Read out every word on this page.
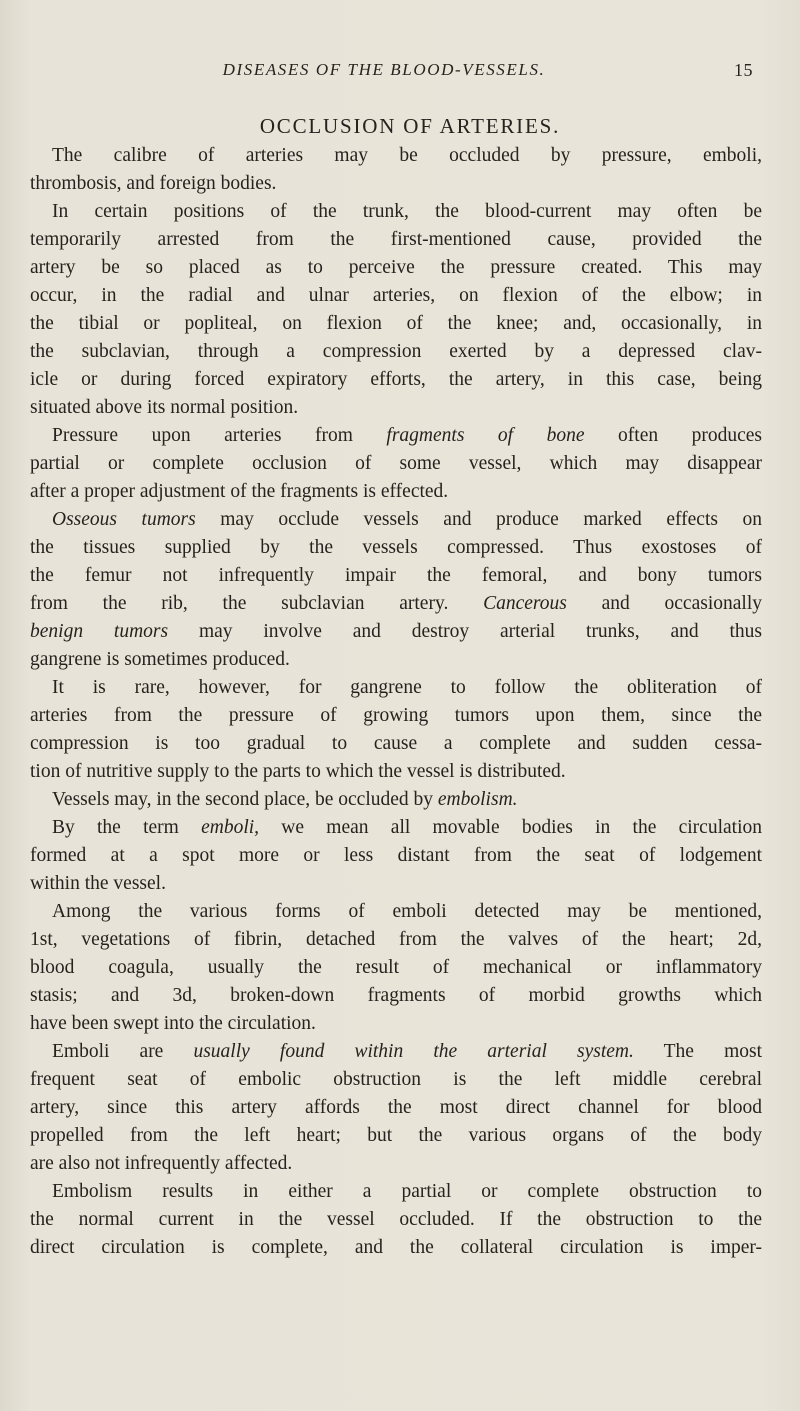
DISEASES OF THE BLOOD-VESSELS.	15
OCCLUSION OF ARTERIES.
The calibre of arteries may be occluded by pressure, emboli,
thrombosis, and foreign bodies.
In certain positions of the trunk, the blood-current may often be
temporarily arrested from the first-mentioned cause, provided the
artery be so placed as to perceive the pressure created. This may
occur, in the radial and ulnar arteries, on flexion of the elbow; in
the tibial or popliteal, on flexion of the knee; and, occasionally, in
the subclavian, through a compression exerted by a depressed clav-
icle or during forced expiratory efforts, the artery, in this case, being
situated above its normal position.
Pressure upon arteries from fragments of bone often produces
partial or complete occlusion of some vessel, which may disappear
after a proper adjustment of the fragments is effected.
Osseous tumors may occlude vessels and produce marked effects on
the tissues supplied by the vessels compressed. Thus exostoses of
the femur not infrequently impair the femoral, and bony tumors
from the rib, the subclavian artery. Cancerous and occasionally
benign tumors may involve and destroy arterial trunks, and thus
gangrene is sometimes produced.
It is rare, however, for gangrene to follow the obliteration of
arteries from the pressure of growing tumors upon them, since the
compression is too gradual to cause a complete and sudden cessa-
tion of nutritive supply to the parts to which the vessel is distributed.
Vessels may, in the second place, be occluded by embolism.
By the term emboli, we mean all movable bodies in the circulation
formed at a spot more or less distant from the seat of lodgement
within the vessel.
Among the various forms of emboli detected may be mentioned,
1st, vegetations of fibrin, detached from the valves of the heart; 2d,
blood coagula, usually the result of mechanical or inflammatory
stasis; and 3d, broken-down fragments of morbid growths which
have been swept into the circulation.
Emboli are usually found within the arterial system. The most
frequent seat of embolic obstruction is the left middle cerebral
artery, since this artery affords the most direct channel for blood
propelled from the left heart; but the various organs of the body
are also not infrequently affected.
Embolism results in either a partial or complete obstruction to
the normal current in the vessel occluded. If the obstruction to the
direct circulation is complete, and the collateral circulation is imper-
